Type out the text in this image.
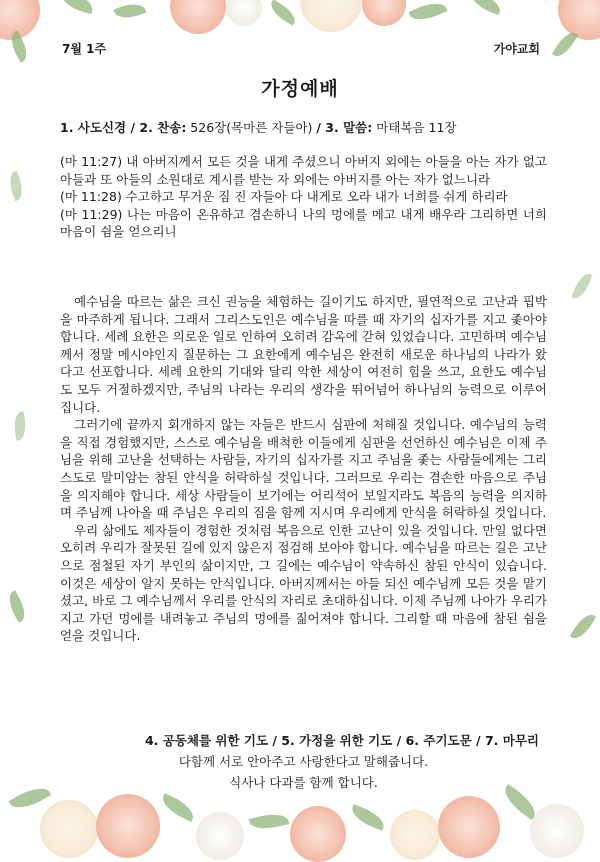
7월 1주	가야교회
가정예배
1. 사도신경 / 2. 찬송: 526장(목마른 자들아) / 3. 말씀: 마태복음 11장

(마 11:27) 내 아버지께서 모든 것을 내게 주셨으니 아버지 외에는 아들을 아는 자가 없고 아들과 또 아들의 소원대로 계시를 받는 자 외에는 아버지를 아는 자가 없느니라

(마 11:28) 수고하고 무거운 짐 진 자들아 다 내게로 오라 내가 너희를 쉬게 하리라

(마 11:29) 나는 마음이 온유하고 겸손하니 나의 멍에를 메고 내게 배우라 그리하면 너희 마음이 쉼을 얻으리니

예수님을 따르는 삶은 크신 권능을 체험하는 길이기도 하지만, 필연적으로 고난과 핍박을 마주하게 됩니다. 그래서 그리스도인은 예수님을 따를 때 자기의 십자가를 지고 좇아야 합니다. 세례 요한은 의로운 일로 인하여 오히려 감옥에 갇혀 있었습니다. 고민하며 예수님께서 정말 메시야인지 질문하는 그 요한에게 예수님은 완전히 새로운 하나님의 나라가 왔다고 선포합니다. 세례 요한의 기대와 달리 악한 세상이 여전히 힘을 쓰고, 요한도 예수님도 모두 거절하겠지만, 주님의 나라는 우리의 생각을 뛰어넘어 하나님의 능력으로 이루어집니다.

그러기에 끝까지 회개하지 않는 자들은 반드시 심판에 처해질 것입니다. 예수님의 능력을 직접 경험했지만, 스스로 예수님을 배척한 이들에게 심판을 선언하신 예수님은 이제 주님을 위해 고난을 선택하는 사람들, 자기의 십자가를 지고 주님을 좇는 사람들에게는 그리스도로 말미암는 참된 안식을 허락하실 것입니다. 그러므로 우리는 겸손한 마음으로 주님을 의지해야 합니다. 세상 사람들이 보기에는 어리석어 보일지라도 복음의 능력을 의지하며 주님께 나아올 때 주님은 우리의 짐을 함께 지시며 우리에게 안식을 허락하실 것입니다.

우리 삶에도 제자들이 경험한 것처럼 복음으로 인한 고난이 있을 것입니다. 만일 없다면 오히려 우리가 잘못된 길에 있지 않은지 점검해 보아야 합니다. 예수님을 따르는 길은 고난으로 점철된 자기 부인의 삶이지만, 그 길에는 예수님이 약속하신 참된 안식이 있습니다. 이것은 세상이 알지 못하는 안식입니다. 아버지께서는 아들 되신 예수님께 모든 것을 맡기셨고, 바로 그 예수님께서 우리를 안식의 자리로 초대하십니다. 이제 주님께 나아가 우리가 지고 가던 멍에를 내려놓고 주님의 멍에를 짊어져야 합니다. 그리할 때 마음에 참된 쉼을 얻을 것입니다.

4. 공동체를 위한 기도 / 5. 가정을 위한 기도 / 6. 주기도문 / 7. 마무리
다함께 서로 안아주고 사랑한다고 말해줍니다.
식사나 다과를 함께 합니다.
